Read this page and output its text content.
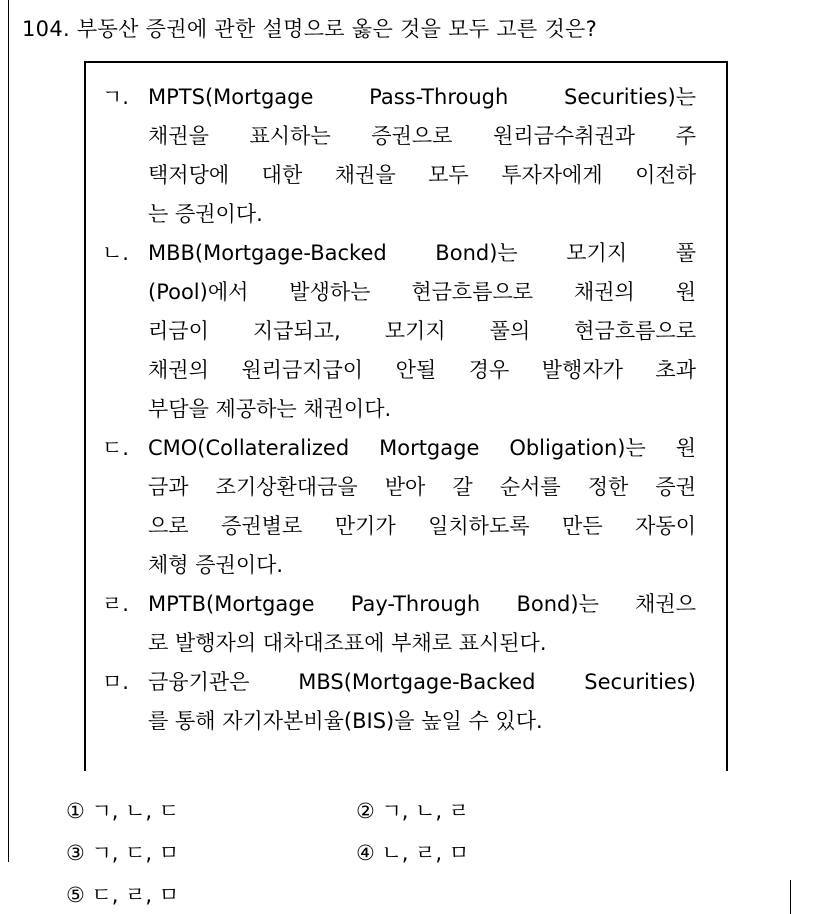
104. 부동산 증권에 관한 설명으로 옳은 것을 모두 고른 것은?
ㄱ. MPTS(Mortgage Pass-Through Securities)는
채권을 표시하는 증권으로 원리금수취권과 주
택저당에 대한 채권을 모두 투자자에게 이전하
는 증권이다.
ㄴ. MBB(Mortgage-Backed Bond)는 모기지 풀
(Pool)에서 발생하는 현금흐름으로 채권의 원
리금이 지급되고, 모기지 풀의 현금흐름으로
채권의 원리금지급이 안될 경우 발행자가 초과
부담을 제공하는 채권이다.
ㄷ. CMO(Collateralized Mortgage Obligation)는 원
금과 조기상환대금을 받아 갈 순서를 정한 증권
으로 증권별로 만기가 일치하도록 만든 자동이
체형 증권이다.
ㄹ. MPTB(Mortgage Pay-Through Bond)는 채권으
로 발행자의 대차대조표에 부채로 표시된다.
ㅁ. 금융기관은 MBS(Mortgage-Backed Securities)
를 통해 자기자본비율(BIS)을 높일 수 있다.
① ㄱ, ㄴ, ㄷ	② ㄱ, ㄴ, ㄹ
③ ㄱ, ㄷ, ㅁ	④ ㄴ, ㄹ, ㅁ
⑤ ㄷ, ㄹ, ㅁ
